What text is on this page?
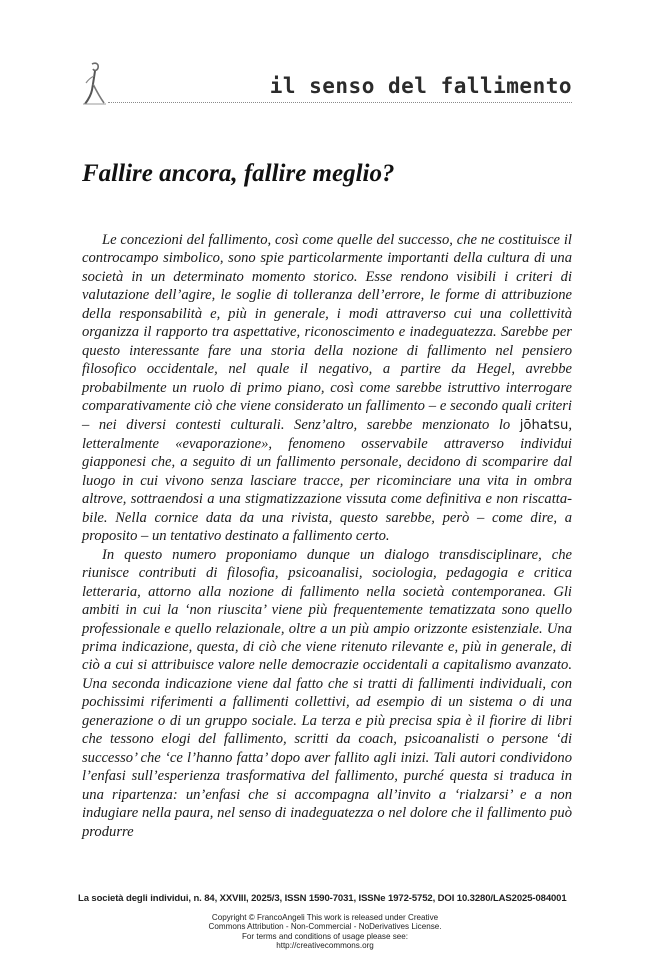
il senso del fallimento
Fallire ancora, fallire meglio?

Le concezioni del fallimento, così come quelle del successo, che ne costituisce il controcampo simbolico, sono spie particolarmente importanti della cultura di una società in un determinato momento storico. Esse rendono visibili i criteri di valutazione dell’agire, le soglie di tolleranza dell’errore, le forme di attribuzione della responsabilità e, più in generale, i modi attraverso cui una collettività organizza il rapporto tra aspettative, riconoscimento e inadeguatezza. Sarebbe per questo interessante fare una storia della nozione di fallimento nel pensiero filosofico occidentale, nel quale il negativo, a partire da Hegel, avrebbe probabilmente un ruolo di primo piano, così come sarebbe istruttivo interrogare comparativamente ciò che viene considerato un fallimento – e secondo quali criteri – nei diversi contesti culturali. Senz’altro, sarebbe menzionato lo jōhatsu, letteralmente «evaporazione», fenomeno osservabile attraverso individui giapponesi che, a seguito di un fallimento personale, decidono di scomparire dal luogo in cui vivono senza lasciare tracce, per ricominciare una vita in ombra altrove, sottraendosi a una stigmatizzazione vissuta come definitiva e non riscattabile. Nella cornice data da una rivista, questo sarebbe, però – come dire, a proposito – un tentativo destinato a fallimento certo.

In questo numero proponiamo dunque un dialogo transdisciplinare, che riunisce contributi di filosofia, psicoanalisi, sociologia, pedagogia e critica letteraria, attorno alla nozione di fallimento nella società contemporanea. Gli ambiti in cui la ‘non riuscita’ viene più frequentemente tematizzata sono quello professionale e quello relazionale, oltre a un più ampio orizzonte esistenziale. Una prima indicazione, questa, di ciò che viene ritenuto rilevante e, più in generale, di ciò a cui si attribuisce valore nelle democrazie occidentali a capitalismo avanzato. Una seconda indicazione viene dal fatto che si tratti di fallimenti individuali, con pochissimi riferimenti a fallimenti collettivi, ad esempio di un sistema o di una generazione o di un gruppo sociale. La terza e più precisa spia è il fiorire di libri che tessono elogi del fallimento, scritti da coach, psicoanalisti o persone ‘di successo’ che ‘ce l’hanno fatta’ dopo aver fallito agli inizi. Tali autori condividono l’enfasi sull’esperienza trasformativa del fallimento, purché questa si traduca in una ripartenza: un’enfasi che si accompagna all’invito a ‘rialzarsi’ e a non indugiare nella paura, nel senso di inadeguatezza o nel dolore che il fallimento può produrre

La società degli individui, n. 84, XXVIII, 2025/3, ISSN 1590-7031, ISSNe 1972-5752, DOI 10.3280/LAS2025-084001
Copyright © FrancoAngeli This work is released under Creative
Commons Attribution - Non-Commercial - NoDerivatives License.
For terms and conditions of usage please see:
http://creativecommons.org
